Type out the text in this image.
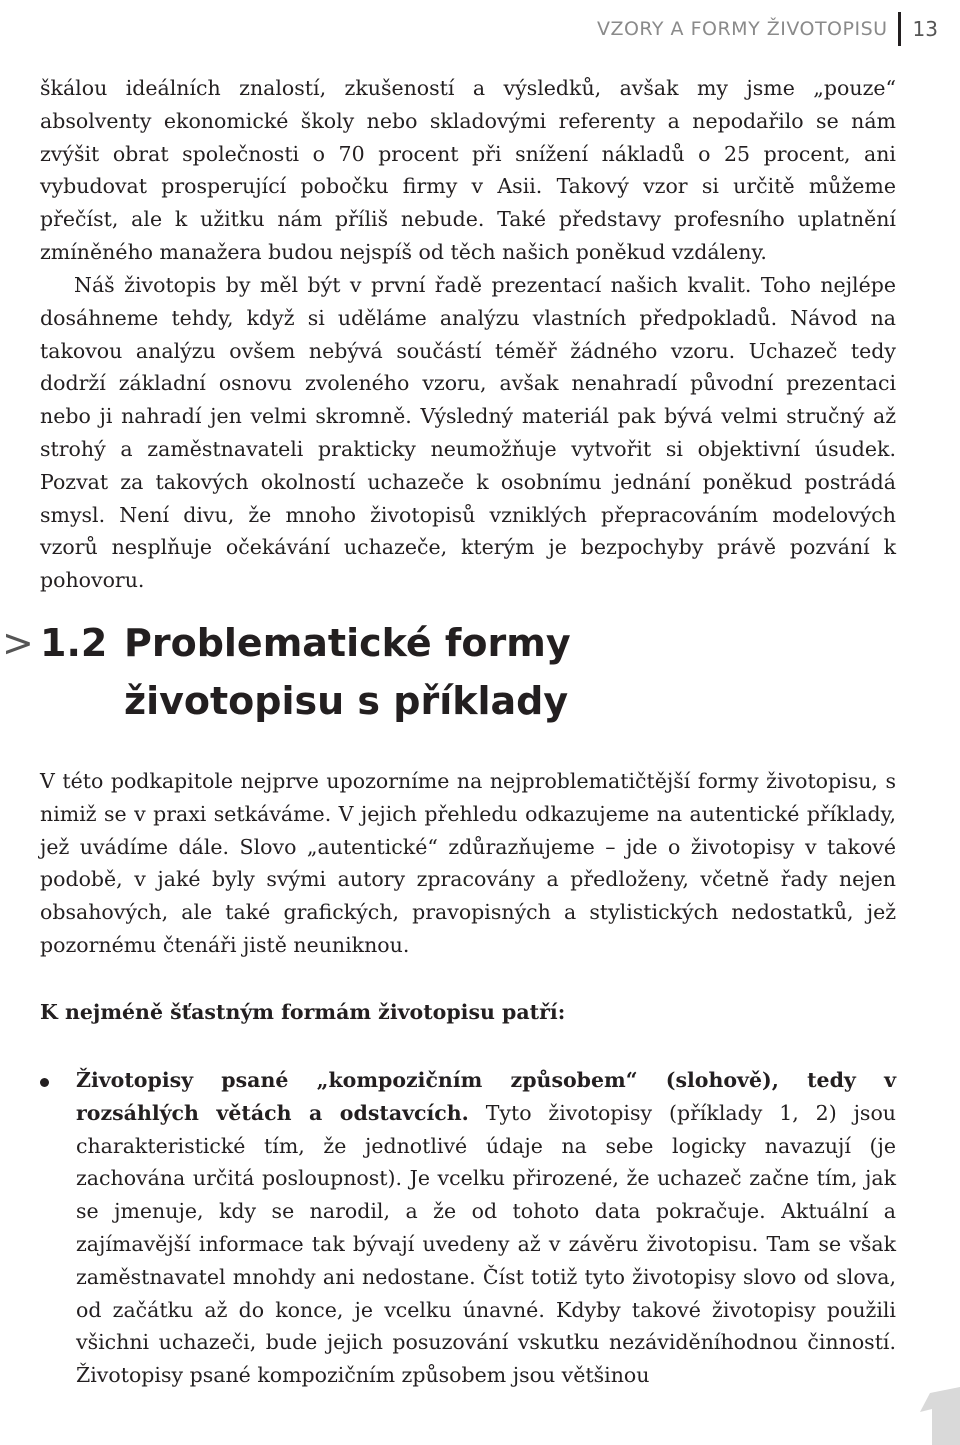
VZORY A FORMY ŽIVOTOPISU 13

škálou ideálních znalostí, zkušeností a výsledků, avšak my jsme „pouze“ absolventy ekonomické školy nebo skladovými referenty a nepodařilo se nám zvýšit obrat společnosti o 70 procent při snížení nákladů o 25 procent, ani vybudovat prosperující pobočku firmy v Asii. Takový vzor si určitě můžeme přečíst, ale k užitku nám příliš nebude. Také představy profesního uplatnění zmíněného manažera budou nejspíš od těch našich poněkud vzdáleny.

Náš životopis by měl být v první řadě prezentací našich kvalit. Toho nejlépe dosáhneme tehdy, když si uděláme analýzu vlastních předpokladů. Návod na takovou analýzu ovšem nebývá součástí téměř žádného vzoru. Uchazeč tedy dodrží základní osnovu zvoleného vzoru, avšak nenahradí původní prezentaci nebo ji nahradí jen velmi skromně. Výsledný materiál pak bývá velmi stručný až strohý a zaměstnavateli prakticky neumožňuje vytvořit si objektivní úsudek. Pozvat za takových okolností uchazeče k osobnímu jednání poněkud postrádá smysl. Není divu, že mnoho životopisů vzniklých přepracováním modelových vzorů nesplňuje očekávání uchazeče, kterým je bezpochyby právě pozvání k pohovoru.

> 1.2 Problematické formy životopisu s příklady

V této podkapitole nejprve upozorníme na nejproblematičtější formy životopisu, s nimiž se v praxi setkáváme. V jejich přehledu odkazujeme na autentické příklady, jež uvádíme dále. Slovo „autentické“ zdůrazňujeme – jde o životopisy v takové podobě, v jaké byly svými autory zpracovány a předloženy, včetně řady nejen obsahových, ale také grafických, pravopisných a stylistických nedostatků, jež pozornému čtenáři jistě neuniknou.

K nejméně šťastným formám životopisu patří:

Životopisy psané „kompozičním způsobem“ (slohově), tedy v rozsáhlých větách a odstavcích. Tyto životopisy (příklady 1, 2) jsou charakteristické tím, že jednotlivé údaje na sebe logicky navazují (je zachována určitá posloupnost). Je vcelku přirozené, že uchazeč začne tím, jak se jmenuje, kdy se narodil, a že od tohoto data pokračuje. Aktuální a zajímavější informace tak bývají uvedeny až v závěru životopisu. Tam se však zaměstnavatel mnohdy ani nedostane. Číst totiž tyto životopisy slovo od slova, od začátku až do konce, je vcelku únavné. Kdyby takové životopisy použili všichni uchazeči, bude jejich posuzování vskutku nezáviděníhodnou činností. Životopisy psané kompozičním způsobem jsou většinou
